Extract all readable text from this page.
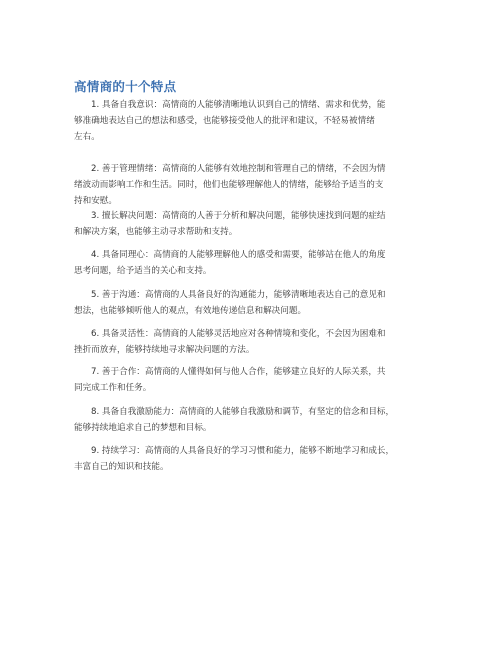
高情商的十个特点

1. 具备自我意识：高情商的人能够清晰地认识到自己的情绪、需求和优势，能
够准确地表达自己的想法和感受，也能够接受他人的批评和建议，不轻易被情绪
左右。

2. 善于管理情绪：高情商的人能够有效地控制和管理自己的情绪，不会因为情
绪波动而影响工作和生活。同时，他们也能够理解他人的情绪，能够给予适当的支
持和安慰。

3. 擅长解决问题：高情商的人善于分析和解决问题，能够快速找到问题的症结
和解决方案，也能够主动寻求帮助和支持。

4. 具备同理心：高情商的人能够理解他人的感受和需要，能够站在他人的角度
思考问题，给予适当的关心和支持。

5. 善于沟通：高情商的人具备良好的沟通能力，能够清晰地表达自己的意见和
想法，也能够倾听他人的观点，有效地传递信息和解决问题。

6. 具备灵活性：高情商的人能够灵活地应对各种情境和变化，不会因为困难和
挫折而放弃，能够持续地寻求解决问题的方法。

7. 善于合作：高情商的人懂得如何与他人合作，能够建立良好的人际关系，共
同完成工作和任务。

8. 具备自我激励能力：高情商的人能够自我激励和调节，有坚定的信念和目标，
能够持续地追求自己的梦想和目标。

9. 持续学习：高情商的人具备良好的学习习惯和能力，能够不断地学习和成长，
丰富自己的知识和技能。
